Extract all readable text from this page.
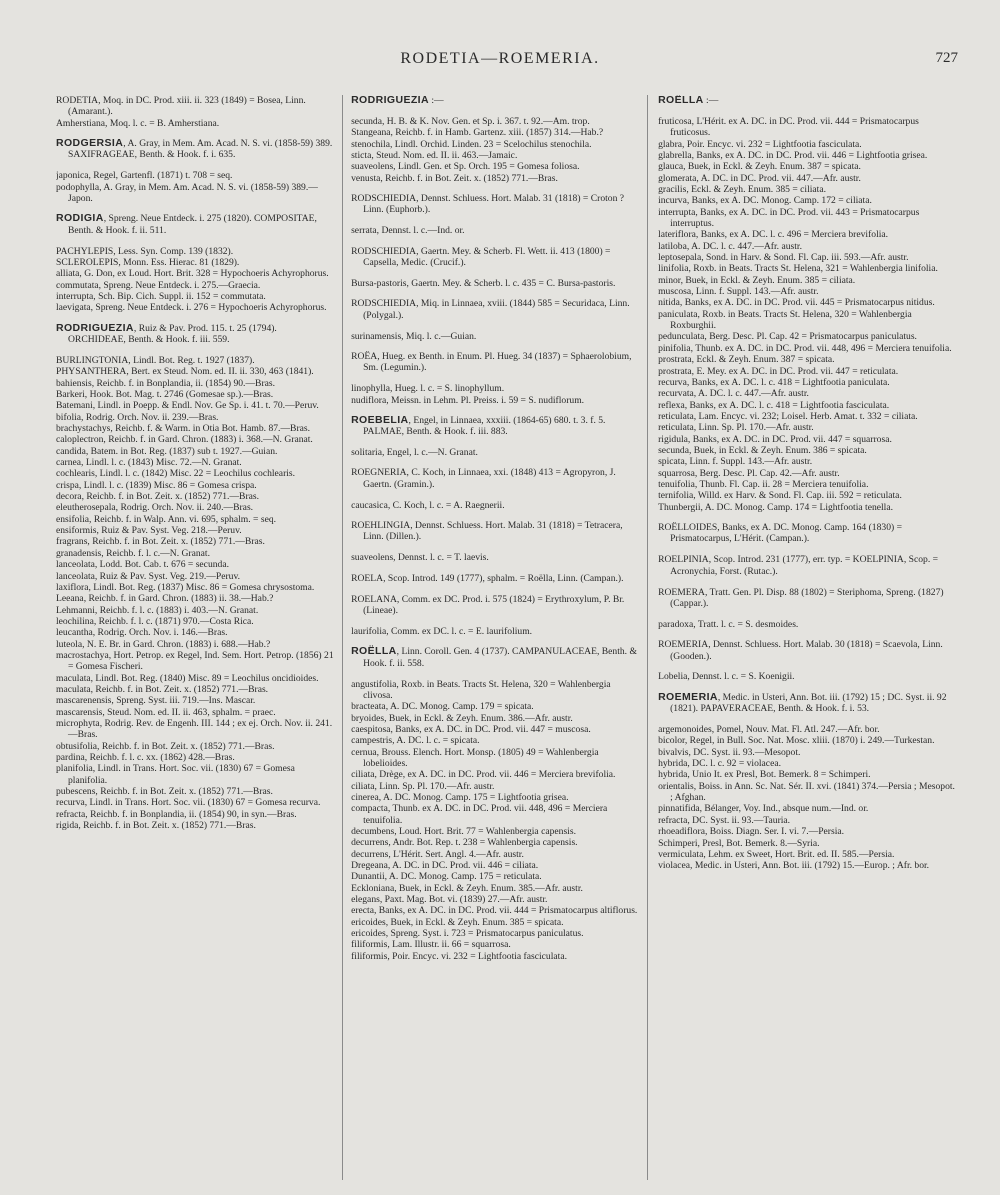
RODETIA—ROEMERIA.	727

RODETIA, Moq. in DC. Prod. xiii. ii. 323 (1849) = Bosea, Linn. (Amarant.).

Amherstiana, Moq. l. c. = B. Amherstiana.

RODGERSIA, A. Gray, in Mem. Am. Acad. N. S. vi. (1858-59) 389. SAXIFRAGEAE, Benth. & Hook. f. i. 635.

japonica, Regel, Gartenfl. (1871) t. 708 = seq.

podophylla, A. Gray, in Mem. Am. Acad. N. S. vi. (1858-59) 389.—Japon.

RODIGIA, Spreng. Neue Entdeck. i. 275 (1820). COMPOSITAE, Benth. & Hook. f. ii. 511.

PACHYLEPIS, Less. Syn. Comp. 139 (1832).

SCLEROLEPIS, Monn. Ess. Hierac. 81 (1829).

alliata, G. Don, ex Loud. Hort. Brit. 328 = Hypochoeris Achyrophorus.

commutata, Spreng. Neue Entdeck. i. 275.—Graecia.

interrupta, Sch. Bip. Cich. Suppl. ii. 152 = commutata.

laevigata, Spreng. Neue Entdeck. i. 276 = Hypochoeris Achyrophorus.

RODRIGUEZIA, Ruiz & Pav. Prod. 115. t. 25 (1794). ORCHIDEAE, Benth. & Hook. f. iii. 559.

BURLINGTONIA, Lindl. Bot. Reg. t. 1927 (1837).

PHYSANTHERA, Bert. ex Steud. Nom. ed. II. ii. 330, 463 (1841).

bahiensis, Reichb. f. in Bonplandia, ii. (1854) 90.—Bras.

Barkeri, Hook. Bot. Mag. t. 2746 (Gomesae sp.).—Bras.

Batemani, Lindl. in Poepp. & Endl. Nov. Ge Sp. i. 41. t. 70.—Peruv.

bifolia, Rodrig. Orch. Nov. ii. 239.—Bras.

brachystachys, Reichb. f. & Warm. in Otia Bot. Hamb. 87.—Bras.

caloplectron, Reichb. f. in Gard. Chron. (1883) i. 368.—N. Granat.

candida, Batem. in Bot. Reg. (1837) sub t. 1927.—Guian.

carnea, Lindl. l. c. (1843) Misc. 72.—N. Granat.

cochlearis, Lindl. l. c. (1842) Misc. 22 = Leochilus cochlearis.

crispa, Lindl. l. c. (1839) Misc. 86 = Gomesa crispa.

decora, Reichb. f. in Bot. Zeit. x. (1852) 771.—Bras.

eleutherosepala, Rodrig. Orch. Nov. ii. 240.—Bras.

ensifolia, Reichb. f. in Walp. Ann. vi. 695, sphalm. = seq.

ensiformis, Ruiz & Pav. Syst. Veg. 218.—Peruv.

fragrans, Reichb. f. in Bot. Zeit. x. (1852) 771.—Bras.

granadensis, Reichb. f. l. c.—N. Granat.

lanceolata, Lodd. Bot. Cab. t. 676 = secunda.

lanceolata, Ruiz & Pav. Syst. Veg. 219.—Peruv.

laxiflora, Lindl. Bot. Reg. (1837) Misc. 86 = Gomesa chrysostoma.

Leeana, Reichb. f. in Gard. Chron. (1883) ii. 38.—Hab.?

Lehmanni, Reichb. f. l. c. (1883) i. 403.—N. Granat.

leochilina, Reichb. f. l. c. (1871) 970.—Costa Rica.

leucantha, Rodrig. Orch. Nov. i. 146.—Bras.

luteola, N. E. Br. in Gard. Chron. (1883) i. 688.—Hab.?

macrostachya, Hort. Petrop. ex Regel, Ind. Sem. Hort. Petrop. (1856) 21 = Gomesa Fischeri.

maculata, Lindl. Bot. Reg. (1840) Misc. 89 = Leochilus oncidioides.

maculata, Reichb. f. in Bot. Zeit. x. (1852) 771.—Bras.

mascarenensis, Spreng. Syst. iii. 719.—Ins. Mascar.

mascarensis, Steud. Nom. ed. II. ii. 463, sphalm. = praec.

microphyta, Rodrig. Rev. de Engenh. III. 144 ; ex ej. Orch. Nov. ii. 241.—Bras.

obtusifolia, Reichb. f. in Bot. Zeit. x. (1852) 771.—Bras.

pardina, Reichb. f. l. c. xx. (1862) 428.—Bras.

planifolia, Lindl. in Trans. Hort. Soc. vii. (1830) 67 = Gomesa planifolia.

pubescens, Reichb. f. in Bot. Zeit. x. (1852) 771.—Bras.

recurva, Lindl. in Trans. Hort. Soc. vii. (1830) 67 = Gomesa recurva.

refracta, Reichb. f. in Bonplandia, ii. (1854) 90, in syn.—Bras.

rigida, Reichb. f. in Bot. Zeit. x. (1852) 771.—Bras.

RODRIGUEZIA :—

secunda, H. B. & K. Nov. Gen. et Sp. i. 367. t. 92.—Am. trop.

Stangeana, Reichb. f. in Hamb. Gartenz. xiii. (1857) 314.—Hab.?

stenochila, Lindl. Orchid. Linden. 23 = Scelochilus stenochila.

sticta, Steud. Nom. ed. II. ii. 463.—Jamaic.

suaveolens, Lindl. Gen. et Sp. Orch. 195 = Gomesa foliosa.

venusta, Reichb. f. in Bot. Zeit. x. (1852) 771.—Bras.

RODSCHIEDIA, Dennst. Schluess. Hort. Malab. 31 (1818) = Croton ? Linn. (Euphorb.).

serrata, Dennst. l. c.—Ind. or.

RODSCHIEDIA, Gaertn. Mey. & Scherb. Fl. Wett. ii. 413 (1800) = Capsella, Medic. (Crucif.).

Bursa-pastoris, Gaertn. Mey. & Scherb. l. c. 435 = C. Bursa-pastoris.

RODSCHIEDIA, Miq. in Linnaea, xviii. (1844) 585 = Securidaca, Linn. (Polygal.).

surinamensis, Miq. l. c.—Guian.

ROËA, Hueg. ex Benth. in Enum. Pl. Hueg. 34 (1837) = Sphaerolobium, Sm. (Legumin.).

linophylla, Hueg. l. c. = S. linophyllum.

nudiflora, Meissn. in Lehm. Pl. Preiss. i. 59 = S. nudiflorum.

ROEBELIA, Engel, in Linnaea, xxxiii. (1864-65) 680. t. 3. f. 5. PALMAE, Benth. & Hook. f. iii. 883.

solitaria, Engel, l. c.—N. Granat.

ROEGNERIA, C. Koch, in Linnaea, xxi. (1848) 413 = Agropyron, J. Gaertn. (Gramin.).

caucasica, C. Koch, l. c. = A. Raegnerii.

ROEHLINGIA, Dennst. Schluess. Hort. Malab. 31 (1818) = Tetracera, Linn. (Dillen.).

suaveolens, Dennst. l. c. = T. laevis.

ROELA, Scop. Introd. 149 (1777), sphalm. = Roëlla, Linn. (Campan.).

ROELANA, Comm. ex DC. Prod. i. 575 (1824) = Erythroxylum, P. Br. (Lineae).

laurifolia, Comm. ex DC. l. c. = E. laurifolium.

ROËLLA, Linn. Coroll. Gen. 4 (1737). CAMPANULACEAE, Benth. & Hook. f. ii. 558.

angustifolia, Roxb. in Beats. Tracts St. Helena, 320 = Wahlenbergia clivosa.

bracteata, A. DC. Monog. Camp. 179 = spicata.

bryoides, Buek, in Eckl. & Zeyh. Enum. 386.—Afr. austr.

caespitosa, Banks, ex A. DC. in DC. Prod. vii. 447 = muscosa.

campestris, A. DC. l. c. = spicata.

cernua, Brouss. Elench. Hort. Monsp. (1805) 49 = Wahlenbergia lobelioides.

ciliata, Drège, ex A. DC. in DC. Prod. vii. 446 = Merciera brevifolia.

ciliata, Linn. Sp. Pl. 170.—Afr. austr.

cinerea, A. DC. Monog. Camp. 175 = Lightfootia grisea.

compacta, Thunb. ex A. DC. in DC. Prod. vii. 448, 496 = Merciera tenuifolia.

decumbens, Loud. Hort. Brit. 77 = Wahlenbergia capensis.

decurrens, Andr. Bot. Rep. t. 238 = Wahlenbergia capensis.

decurrens, L'Hérit. Sert. Angl. 4.—Afr. austr.

Dregeana, A. DC. in DC. Prod. vii. 446 = ciliata.

Dunantii, A. DC. Monog. Camp. 175 = reticulata.

Eckloniana, Buek, in Eckl. & Zeyh. Enum. 385.—Afr. austr.

elegans, Paxt. Mag. Bot. vi. (1839) 27.—Afr. austr.

erecta, Banks, ex A. DC. in DC. Prod. vii. 444 = Prismatocarpus altiflorus.

ericoides, Buek, in Eckl. & Zeyh. Enum. 385 = spicata.

ericoides, Spreng. Syst. i. 723 = Prismatocarpus paniculatus.

filiformis, Lam. Illustr. ii. 66 = squarrosa.

filiformis, Poir. Encyc. vi. 232 = Lightfootia fasciculata.

ROËLLA :—

fruticosa, L'Hérit. ex A. DC. in DC. Prod. vii. 444 = Prismatocarpus fruticosus.

glabra, Poir. Encyc. vi. 232 = Lightfootia fasciculata.

glabrella, Banks, ex A. DC. in DC. Prod. vii. 446 = Lightfootia grisea.

glauca, Buek, in Eckl. & Zeyh. Enum. 387 = spicata.

glomerata, A. DC. in DC. Prod. vii. 447.—Afr. austr.

gracilis, Eckl. & Zeyh. Enum. 385 = ciliata.

incurva, Banks, ex A. DC. Monog. Camp. 172 = ciliata.

interrupta, Banks, ex A. DC. in DC. Prod. vii. 443 = Prismatocarpus interruptus.

lateriflora, Banks, ex A. DC. l. c. 496 = Merciera brevifolia.

latiloba, A. DC. l. c. 447.—Afr. austr.

leptosepala, Sond. in Harv. & Sond. Fl. Cap. iii. 593.—Afr. austr.

linifolia, Roxb. in Beats. Tracts St. Helena, 321 = Wahlenbergia linifolia.

minor, Buek, in Eckl. & Zeyh. Enum. 385 = ciliata.

muscosa, Linn. f. Suppl. 143.—Afr. austr.

nitida, Banks, ex A. DC. in DC. Prod. vii. 445 = Prismatocarpus nitidus.

paniculata, Roxb. in Beats. Tracts St. Helena, 320 = Wahlenbergia Roxburghii.

pedunculata, Berg. Desc. Pl. Cap. 42 = Prismatocarpus paniculatus.

pinifolia, Thunb. ex A. DC. in DC. Prod. vii. 448, 496 = Merciera tenuifolia.

prostrata, Eckl. & Zeyh. Enum. 387 = spicata.

prostrata, E. Mey. ex A. DC. in DC. Prod. vii. 447 = reticulata.

recurva, Banks, ex A. DC. l. c. 418 = Lightfootia paniculata.

recurvata, A. DC. l. c. 447.—Afr. austr.

reflexa, Banks, ex A. DC. l. c. 418 = Lightfootia fasciculata.

reticulata, Lam. Encyc. vi. 232; Loisel. Herb. Amat. t. 332 = ciliata.

reticulata, Linn. Sp. Pl. 170.—Afr. austr.

rigidula, Banks, ex A. DC. in DC. Prod. vii. 447 = squarrosa.

secunda, Buek, in Eckl. & Zeyh. Enum. 386 = spicata.

spicata, Linn. f. Suppl. 143.—Afr. austr.

squarrosa, Berg. Desc. Pl. Cap. 42.—Afr. austr.

tenuifolia, Thunb. Fl. Cap. ii. 28 = Merciera tenuifolia.

ternifolia, Willd. ex Harv. & Sond. Fl. Cap. iii. 592 = reticulata.

Thunbergii, A. DC. Monog. Camp. 174 = Lightfootia tenella.

ROËLLOIDES, Banks, ex A. DC. Monog. Camp. 164 (1830) = Prismatocarpus, L'Hérit. (Campan.).

ROELPINIA, Scop. Introd. 231 (1777), err. typ. = KOELPINIA, Scop. = Acronychia, Forst. (Rutac.).

ROEMERA, Tratt. Gen. Pl. Disp. 88 (1802) = Steriphoma, Spreng. (1827) (Cappar.).

paradoxa, Tratt. l. c. = S. desmoides.

ROEMERIA, Dennst. Schluess. Hort. Malab. 30 (1818) = Scaevola, Linn. (Gooden.).

Lobelia, Dennst. l. c. = S. Koenigii.

ROEMERIA, Medic. in Usteri, Ann. Bot. iii. (1792) 15 ; DC. Syst. ii. 92 (1821). PAPAVERACEAE, Benth. & Hook. f. i. 53.

argemonoides, Pomel, Nouv. Mat. Fl. Atl. 247.—Afr. bor.

bicolor, Regel, in Bull. Soc. Nat. Mosc. xliii. (1870) i. 249.—Turkestan.

bivalvis, DC. Syst. ii. 93.—Mesopot.

hybrida, DC. l. c. 92 = violacea.

hybrida, Unio It. ex Presl, Bot. Bemerk. 8 = Schimperi.

orientalis, Boiss. in Ann. Sc. Nat. Sér. II. xvi. (1841) 374.—Persia ; Mesopot. ; Afghan.

pinnatifida, Bélanger, Voy. Ind., absque num.—Ind. or.

refracta, DC. Syst. ii. 93.—Tauria.

rhoeadiflora, Boiss. Diagn. Ser. I. vi. 7.—Persia.

Schimperi, Presl, Bot. Bemerk. 8.—Syria.

vermiculata, Lehm. ex Sweet, Hort. Brit. ed. II. 585.—Persia.

violacea, Medic. in Usteri, Ann. Bot. iii. (1792) 15.—Europ. ; Afr. bor.
